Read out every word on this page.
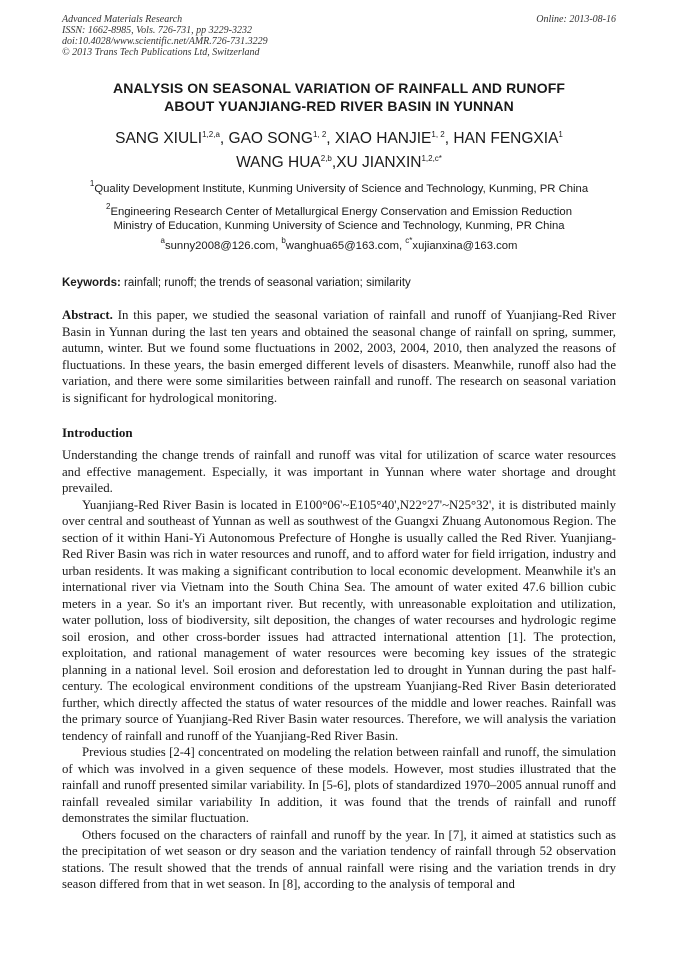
Advanced Materials Research
ISSN: 1662-8985, Vols. 726-731, pp 3229-3232
doi:10.4028/www.scientific.net/AMR.726-731.3229
© 2013 Trans Tech Publications Ltd, Switzerland
Online: 2013-08-16
ANALYSIS ON SEASONAL VARIATION OF RAINFALL AND RUNOFF
ABOUT YUANJIANG-RED RIVER BASIN IN YUNNAN
SANG XIULI$^{1,2,a}$, GAO SONG$^{1, 2}$, XIAO HANJIE$^{1, 2}$, HAN FENGXIA$^1$
WANG HUA$^{2,b}$,XU $JIANXIN^{1,2,c*}$
$^1$Quality Development Institute, Kunming University of Science and Technology, Kunming, PR China
$^2$Engineering Research Center of Metallurgical Energy Conservation and Emission Reduction
Ministry of Education, Kunming University of Science and Technology, Kunming, PR China
$^a$sunny2008@126.com, $^b$wanghua65@163.com, $^{c*}$xujianxina@163.com
Keywords: rainfall; runoff; the trends of seasonal variation; similarity

Abstract. In this paper, we studied the seasonal variation of rainfall and runoff of Yuanjiang-Red River Basin in Yunnan during the last ten years and obtained the seasonal change of rainfall on spring, summer, autumn, winter. But we found some fluctuations in 2002, 2003, 2004, 2010, then analyzed the reasons of fluctuations. In these years, the basin emerged different levels of disasters. Meanwhile, runoff also had the variation, and there were some similarities between rainfall and runoff. The research on seasonal variation is significant for hydrological monitoring.

Introduction

Understanding the change trends of rainfall and runoff was vital for utilization of scarce water resources and effective management. Especially, it was important in Yunnan where water shortage and drought prevailed.

Yuanjiang-Red River Basin is located in E100°06'~E105°40',N22°27'~N25°32', it is distributed mainly over central and southeast of Yunnan as well as southwest of the Guangxi Zhuang Autonomous Region. The section of it within Hani-Yi Autonomous Prefecture of Honghe is usually called the Red River. Yuanjiang-Red River Basin was rich in water resources and runoff, and to afford water for field irrigation, industry and urban residents. It was making a significant contribution to local economic development. Meanwhile it's an international river via Vietnam into the South China Sea. The amount of water exited 47.6 billion cubic meters in a year. So it's an important river. But recently, with unreasonable exploitation and utilization, water pollution, loss of biodiversity, silt deposition, the changes of water recourses and hydrologic regime soil erosion, and other cross-border issues had attracted international attention [1]. The protection, exploitation, and rational management of water resources were becoming key issues of the strategic planning in a national level. Soil erosion and deforestation led to drought in Yunnan during the past half-century. The ecological environment conditions of the upstream Yuanjiang-Red River Basin deteriorated further, which directly affected the status of water resources of the middle and lower reaches. Rainfall was the primary source of Yuanjiang-Red River Basin water resources. Therefore, we will analysis the variation tendency of rainfall and runoff of the Yuanjiang-Red River Basin.

Previous studies [2-4] concentrated on modeling the relation between rainfall and runoff, the simulation of which was involved in a given sequence of these models. However, most studies illustrated that the rainfall and runoff presented similar variability. In [5-6], plots of standardized 1970–2005 annual runoff and rainfall revealed similar variability In addition, it was found that the trends of rainfall and runoff demonstrates the similar fluctuation.

Others focused on the characters of rainfall and runoff by the year. In [7], it aimed at statistics such as the precipitation of wet season or dry season and the variation tendency of rainfall through 52 observation stations. The result showed that the trends of annual rainfall were rising and the variation trends in dry season differed from that in wet season. In [8], according to the analysis of temporal and
